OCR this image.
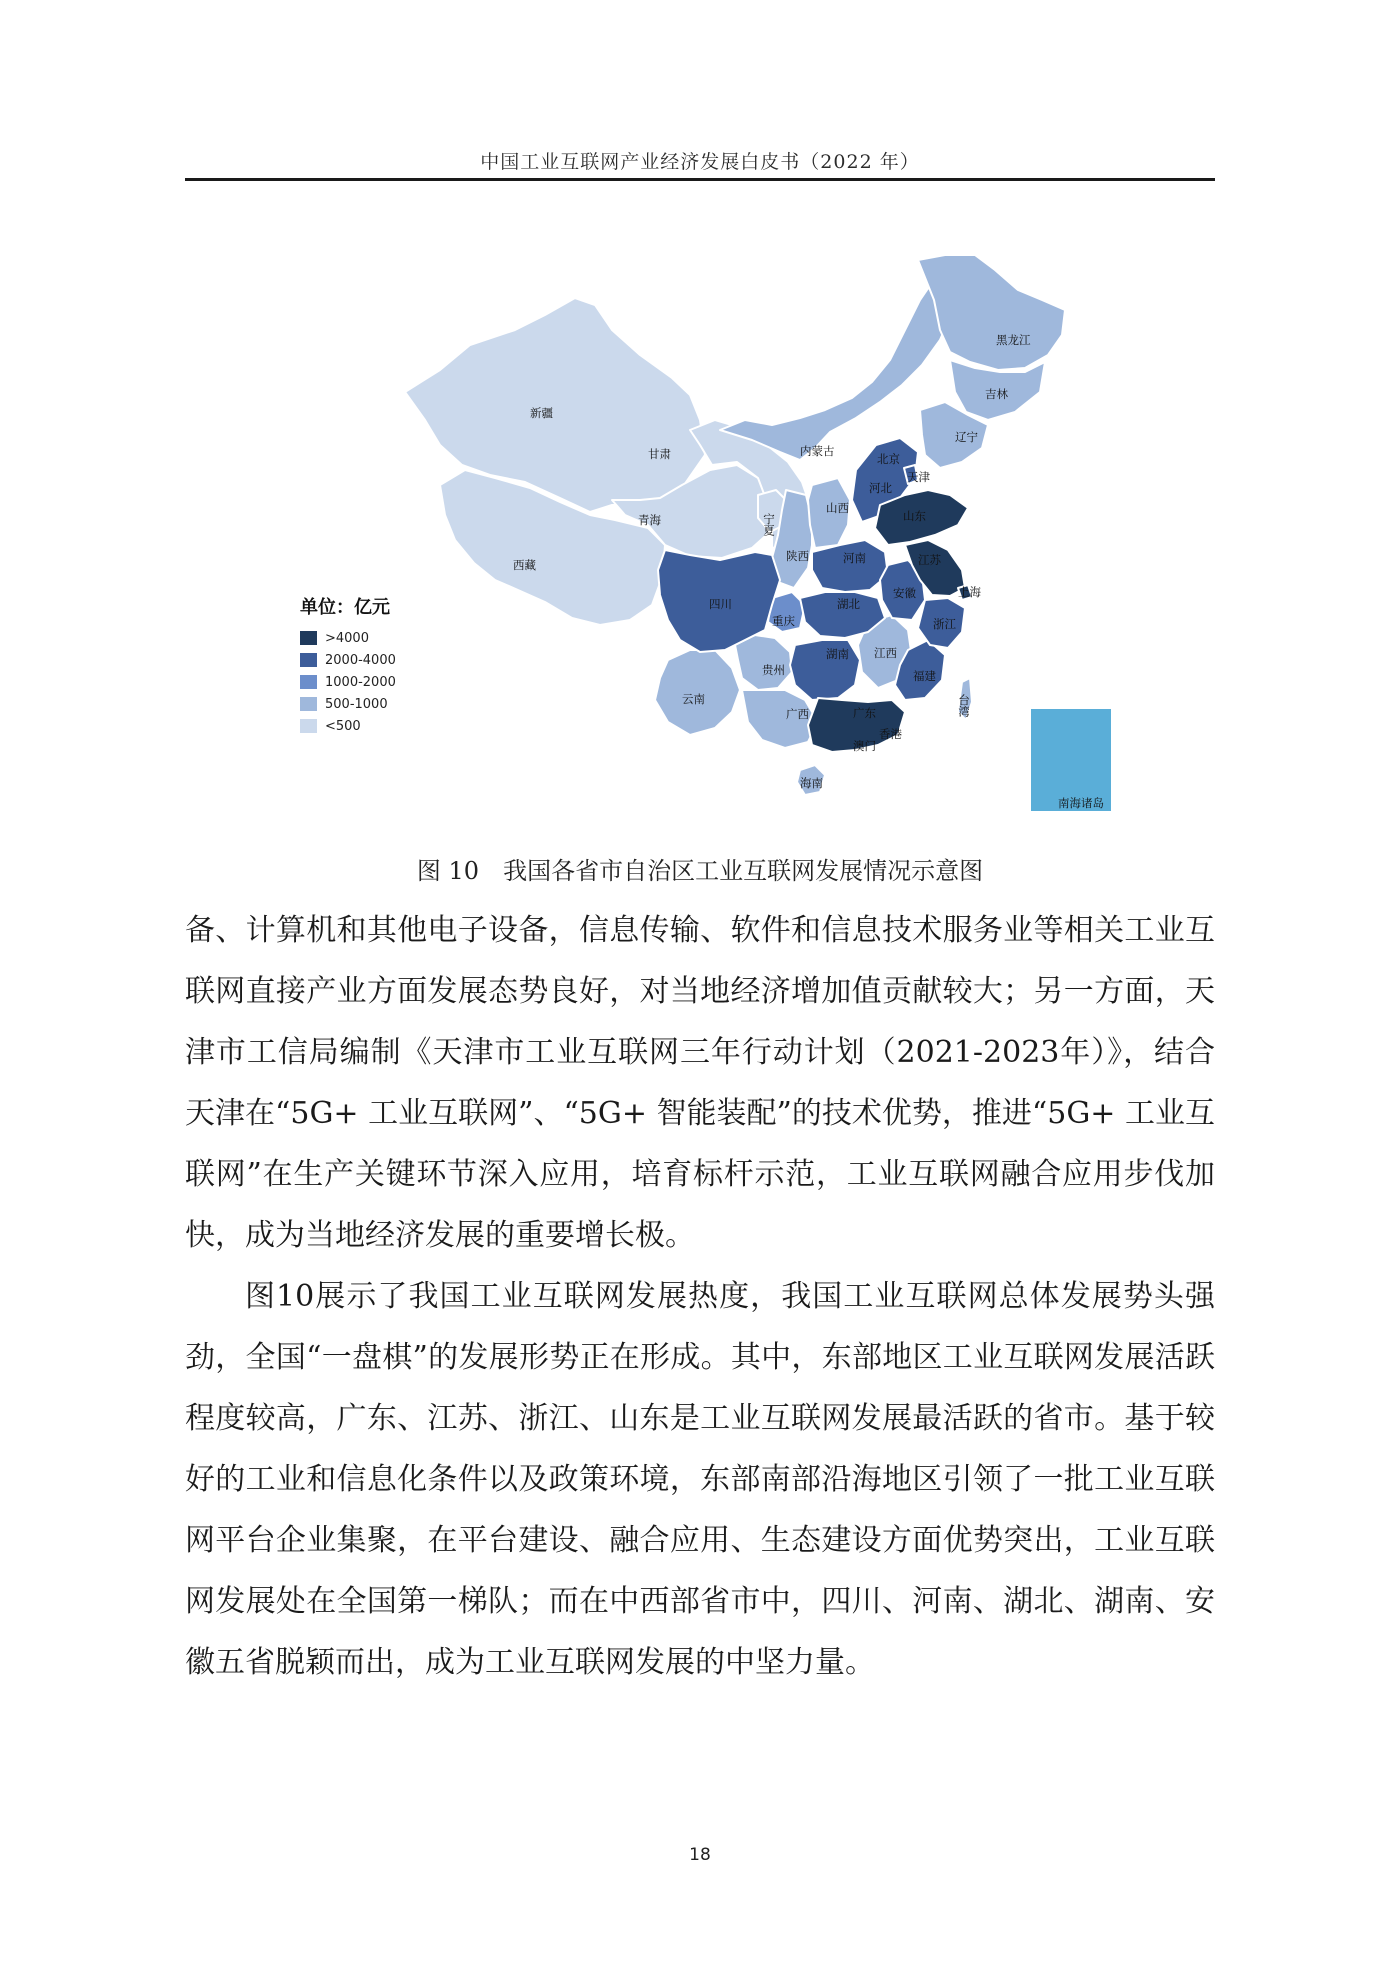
中国工业互联网产业经济发展白皮书（2022 年）
黑龙江
吉林
辽宁
内蒙古
新疆
甘肃	北京
天津
河北
宁夏
山西
山东
青海
陕西	河南	江苏
西藏
安徽	上海
四川	湖北
重庆	浙江
湖南 江西
贵州	福建
云南
广西	广东	台湾
澳门
香港
海南
南海诸岛
单位：亿元
>4000
2000-4000
1000-2000
500-1000
<500
图 10　我国各省市自治区工业互联网发展情况示意图

备、计算机和其他电子设备，信息传输、软件和信息技术服务业等相关工业互联网直接产业方面发展态势良好，对当地经济增加值贡献较大；另一方面，天津市工信局编制《天津市工业互联网三年行动计划（2021-2023年）》，结合天津在“5G+ 工业互联网”、“5G+ 智能装配”的技术优势，推进“5G+ 工业互联网”在生产关键环节深入应用，培育标杆示范，工业互联网融合应用步伐加快，成为当地经济发展的重要增长极。

图10展示了我国工业互联网发展热度，我国工业互联网总体发展势头强劲，全国“一盘棋”的发展形势正在形成。其中，东部地区工业互联网发展活跃程度较高，广东、江苏、浙江、山东是工业互联网发展最活跃的省市。基于较好的工业和信息化条件以及政策环境，东部南部沿海地区引领了一批工业互联网平台企业集聚，在平台建设、融合应用、生态建设方面优势突出，工业互联网发展处在全国第一梯队；而在中西部省市中，四川、河南、湖北、湖南、安徽五省脱颖而出，成为工业互联网发展的中坚力量。

18
